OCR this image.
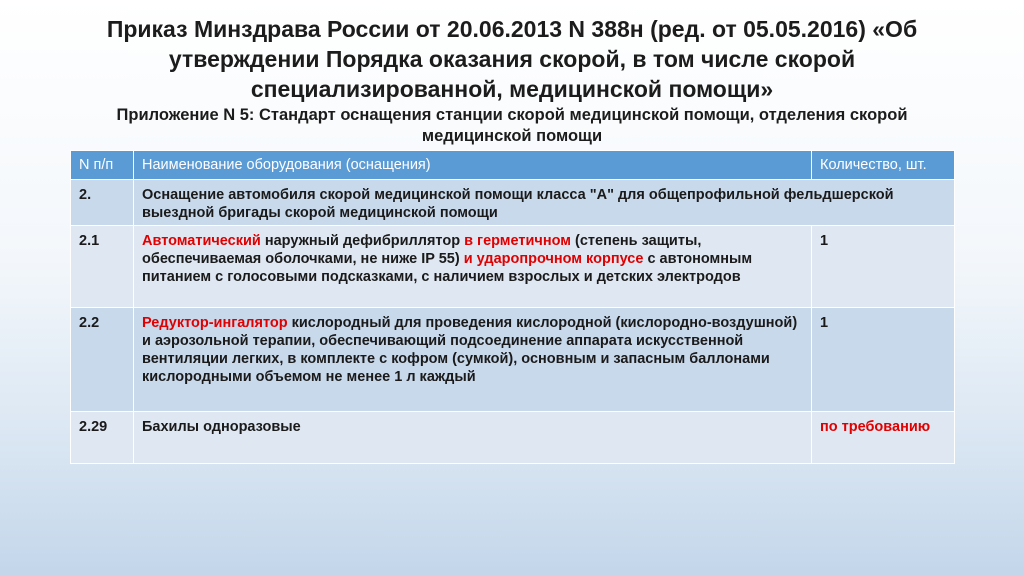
Приказ Минздрава России от 20.06.2013 N 388н (ред. от 05.05.2016) «Об утверждении Порядка оказания скорой, в том числе скорой специализированной, медицинской помощи»
Приложение N 5: Стандарт оснащения станции скорой медицинской помощи, отделения скорой медицинской помощи
N п/п	Наименование оборудования (оснащения)	Количество, шт.
2.	Оснащение автомобиля скорой медицинской помощи класса "А" для общепрофильной фельдшерской выездной бригады скорой медицинской помощи	
2.1	Автоматический наружный дефибриллятор в герметичном (степень защиты, обеспечиваемая оболочками, не ниже IP 55) и ударопрочном корпусе с автономным питанием с голосовыми подсказками, с наличием взрослых и детских электродов	1
2.2	Редуктор-ингалятор кислородный для проведения кислородной (кислородно-воздушной) и аэрозольной терапии, обеспечивающий подсоединение аппарата искусственной вентиляции легких, в комплекте с кофром (сумкой), основным и запасным баллонами кислородными объемом не менее 1 л каждый	1
2.29	Бахилы одноразовые	по требованию
